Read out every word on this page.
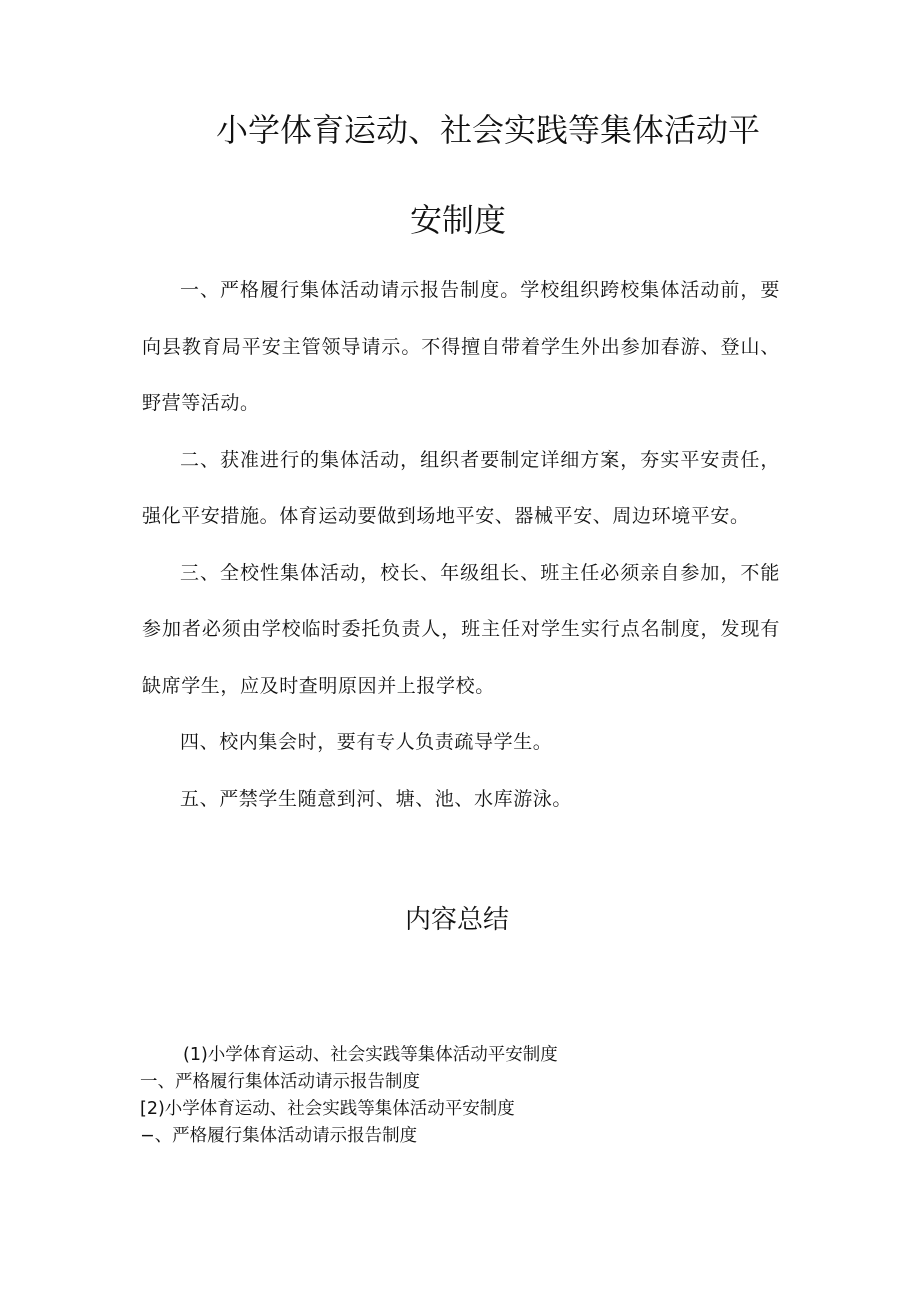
小学体育运动、社会实践等集体活动平
安制度

一、严格履行集体活动请示报告制度。学校组织跨校集体活动前，要向县教育局平安主管领导请示。不得擅自带着学生外出参加春游、登山、野营等活动。

二、获准进行的集体活动，组织者要制定详细方案，夯实平安责任，强化平安措施。体育运动要做到场地平安、器械平安、周边环境平安。

三、全校性集体活动，校长、年级组长、班主任必须亲自参加，不能参加者必须由学校临时委托负责人，班主任对学生实行点名制度，发现有缺席学生，应及时查明原因并上报学校。

四、校内集会时，要有专人负责疏导学生。

五、严禁学生随意到河、塘、池、水库游泳。

内容总结
(1)小学体育运动、社会实践等集体活动平安制度
一、严格履行集体活动请示报告制度
[2)小学体育运动、社会实践等集体活动平安制度
−、严格履行集体活动请示报告制度
